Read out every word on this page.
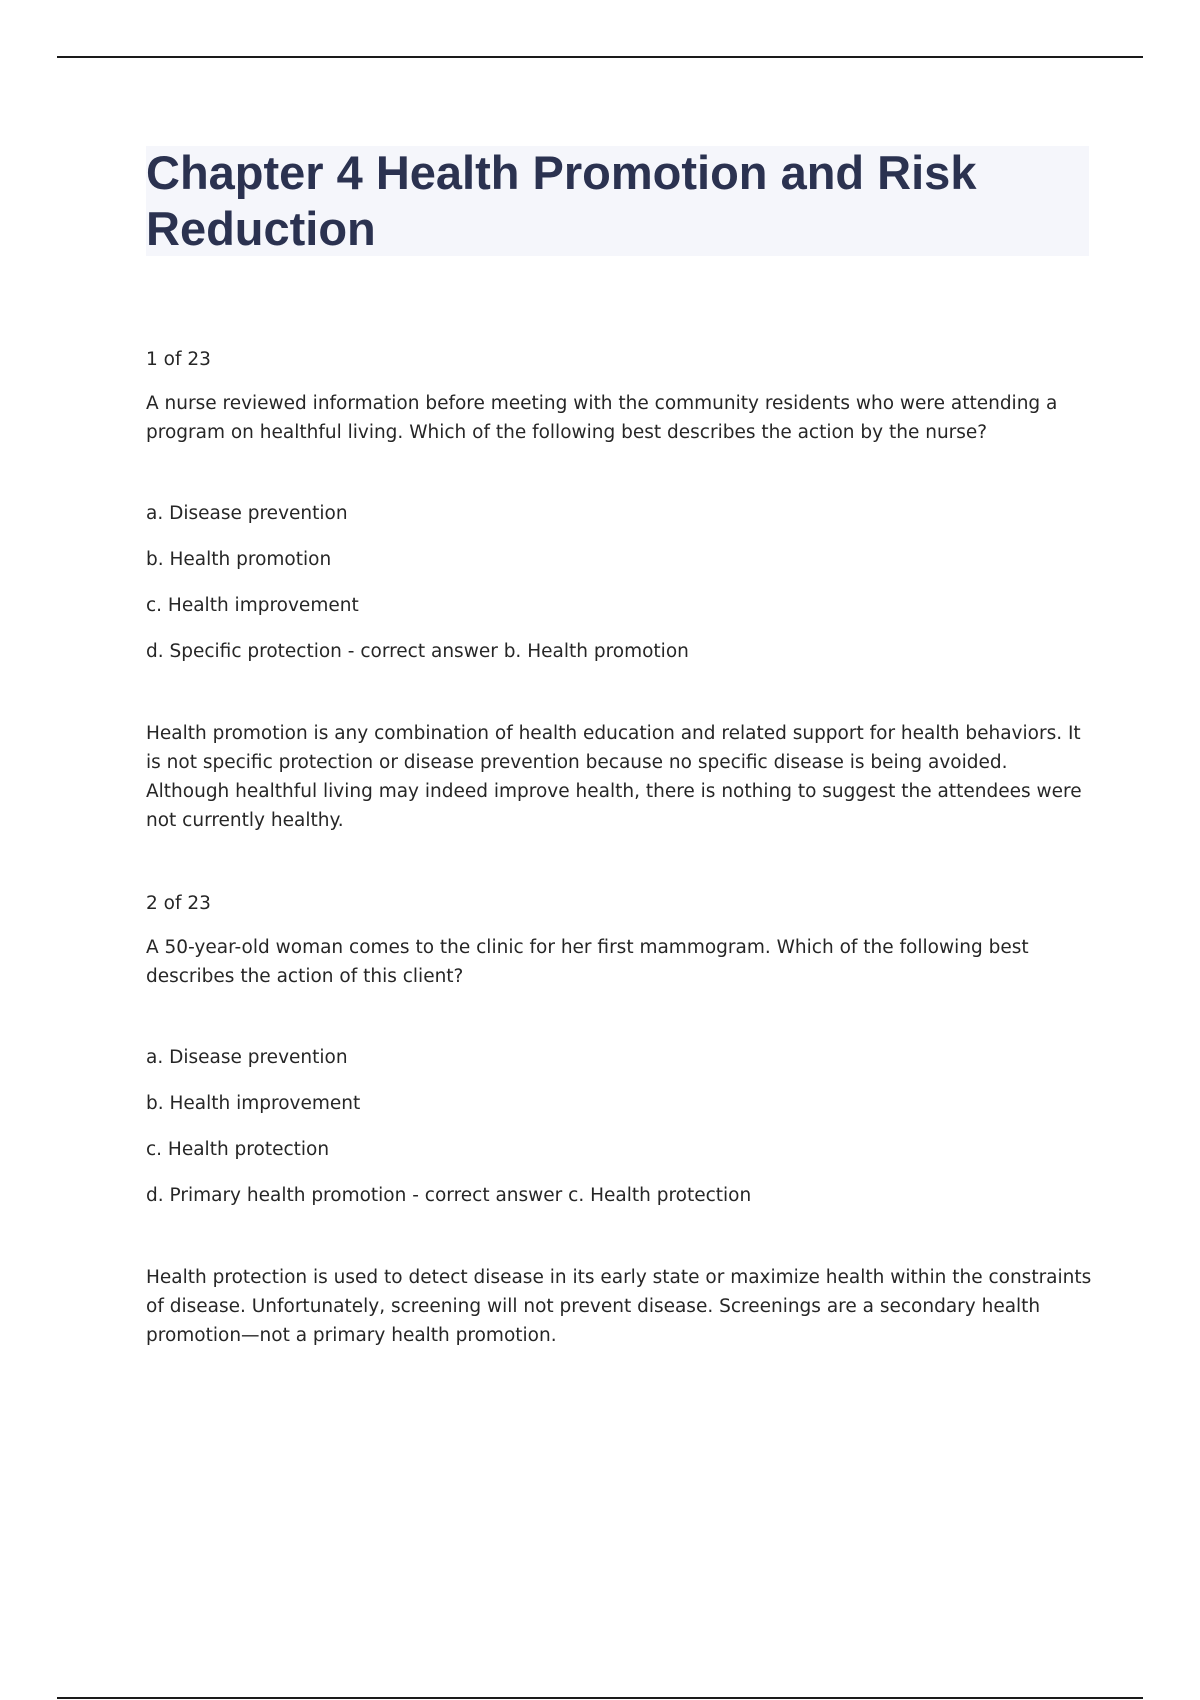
Chapter 4 Health Promotion and Risk Reduction

1 of 23

A nurse reviewed information before meeting with the community residents who were attending a program on healthful living. Which of the following best describes the action by the nurse?

a. Disease prevention
b. Health promotion
c. Health improvement
d. Specific protection - correct answer b. Health promotion

Health promotion is any combination of health education and related support for health behaviors. It is not specific protection or disease prevention because no specific disease is being avoided. Although healthful living may indeed improve health, there is nothing to suggest the attendees were not currently healthy.

2 of 23

A 50-year-old woman comes to the clinic for her first mammogram. Which of the following best describes the action of this client?

a. Disease prevention
b. Health improvement
c. Health protection
d. Primary health promotion - correct answer c. Health protection

Health protection is used to detect disease in its early state or maximize health within the constraints of disease. Unfortunately, screening will not prevent disease. Screenings are a secondary health promotion—not a primary health promotion.
